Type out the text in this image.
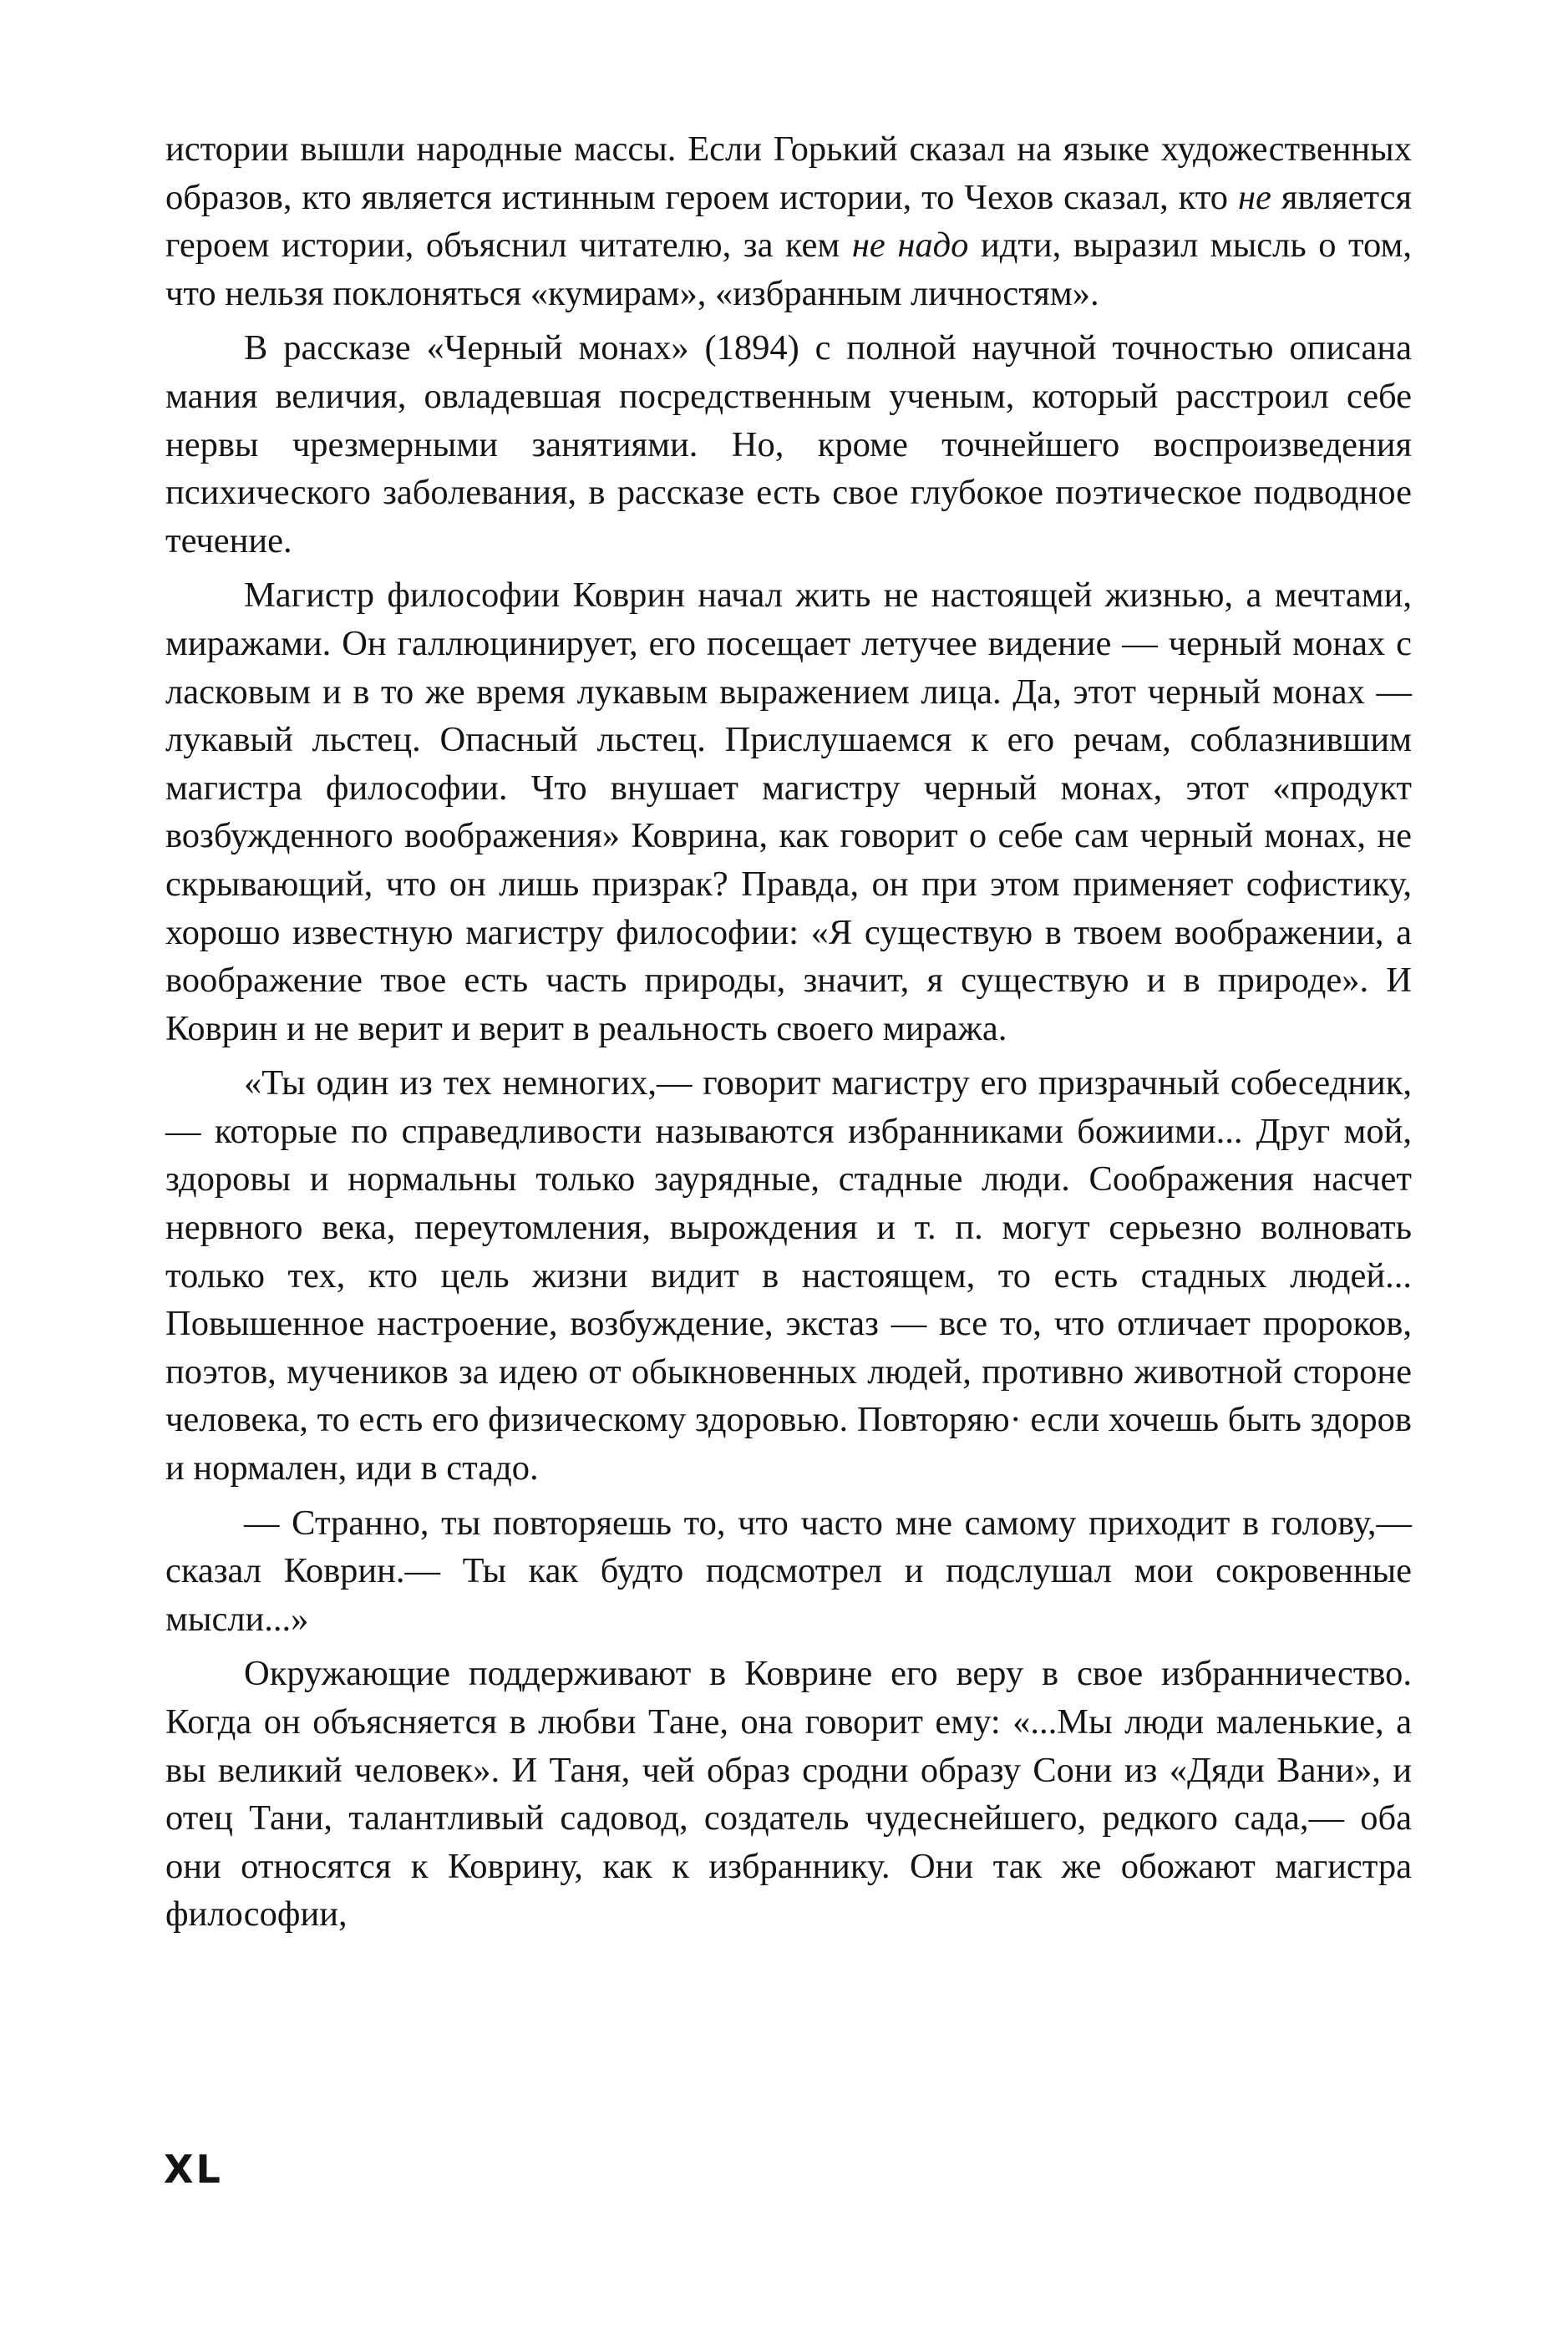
истории вышли народные массы. Если Горький сказал на языке художественных образов, кто является истинным героем истории, то Чехов сказал, кто не является героем истории, объяснил читателю, за кем не надо идти, выразил мысль о том, что нельзя поклоняться «кумирам», «избранным личностям».

В рассказе «Черный монах» (1894) с полной научной точностью описана мания величия, овладевшая посредственным ученым, который расстроил себе нервы чрезмерными занятиями. Но, кроме точнейшего воспроизведения психического заболевания, в рассказе есть свое глубокое поэтическое подводное течение.

Магистр философии Коврин начал жить не настоящей жизнью, а мечтами, миражами. Он галлюцинирует, его посещает летучее видение — черный монах с ласковым и в то же время лукавым выражением лица. Да, этот черный монах — лукавый льстец. Опасный льстец. Прислушаемся к его речам, соблазнившим магистра философии. Что внушает магистру черный монах, этот «продукт возбужденного воображения» Коврина, как говорит о себе сам черный монах, не скрывающий, что он лишь призрак? Правда, он при этом применяет софистику, хорошо известную магистру философии: «Я существую в твоем воображении, а воображение твое есть часть природы, значит, я существую и в природе». И Коврин и не верит и верит в реальность своего миража.

«Ты один из тех немногих,— говорит магистру его призрачный собеседник,— которые по справедливости называются избранниками божиими... Друг мой, здоровы и нормальны только заурядные, стадные люди. Соображения насчет нервного века, переутомления, вырождения и т. п. могут серьезно волновать только тех, кто цель жизни видит в настоящем, то есть стадных людей... Повышенное настроение, возбуждение, экстаз — все то, что отличает пророков, поэтов, мучеников за идею от обыкновенных людей, противно животной стороне человека, то есть его физическому здоровью. Повторяю· если хочешь быть здоров и нормален, иди в стадо.

— Странно, ты повторяешь то, что часто мне самому приходит в голову,— сказал Коврин.— Ты как будто подсмотрел и подслушал мои сокровенные мысли...»

Окружающие поддерживают в Коврине его веру в свое избранничество. Когда он объясняется в любви Тане, она говорит ему: «...Мы люди маленькие, а вы великий человек». И Таня, чей образ сродни образу Сони из «Дяди Вани», и отец Тани, талантливый садовод, создатель чудеснейшего, редкого сада,— оба они относятся к Коврину, как к избраннику. Они так же обожают магистра философии,

XL
